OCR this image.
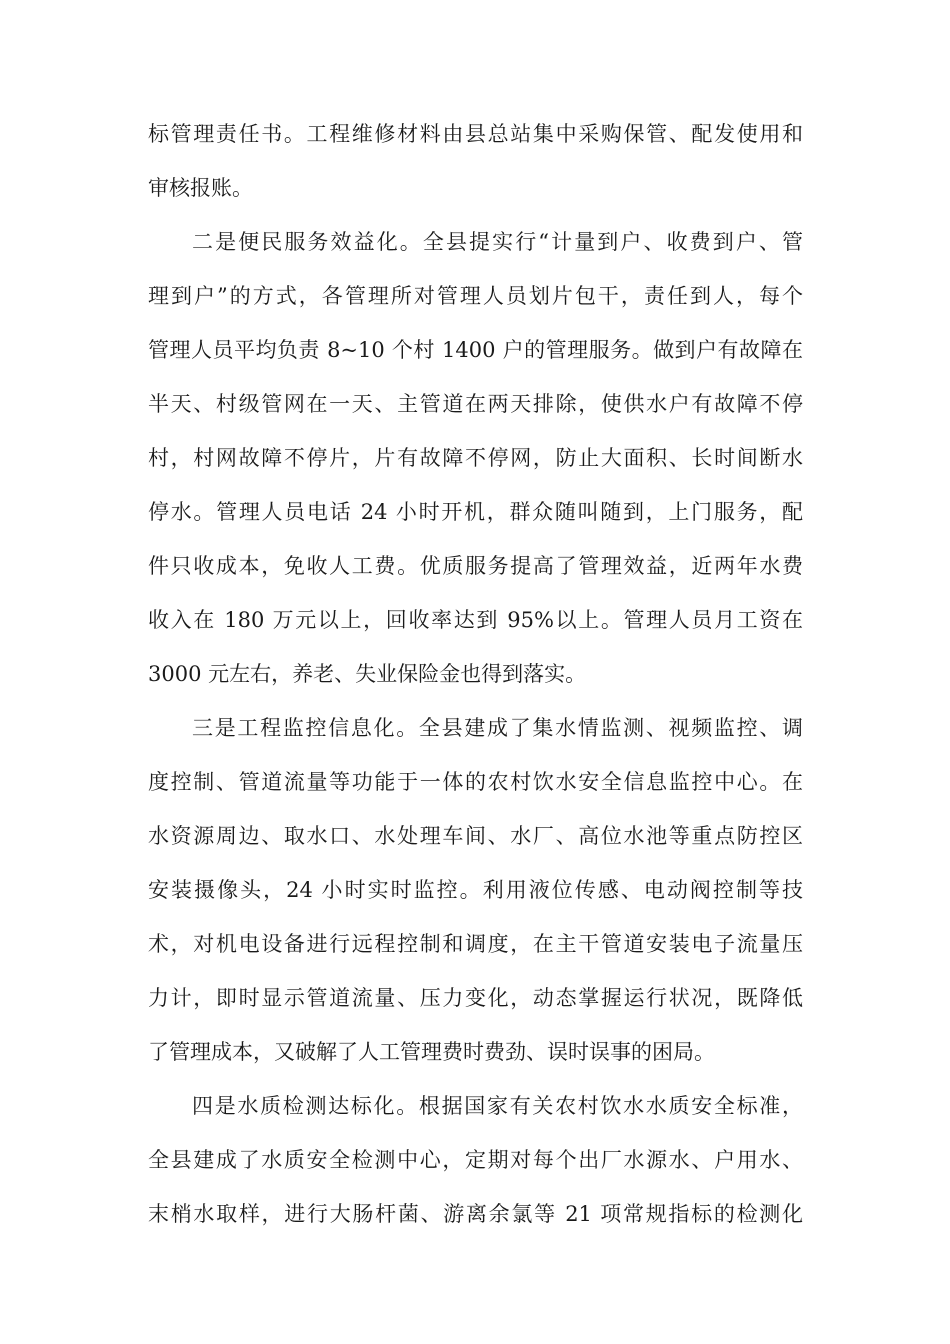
标管理责任书。工程维修材料由县总站集中采购保管、配发使用和
审核报账。
二是便民服务效益化。全县提实行“计量到户、收费到户、管
理到户”的方式，各管理所对管理人员划片包干，责任到人，每个
管理人员平均负责 8~10 个村 1400 户的管理服务。做到户有故障在
半天、村级管网在一天、主管道在两天排除，使供水户有故障不停
村，村网故障不停片，片有故障不停网，防止大面积、长时间断水
停水。管理人员电话 24 小时开机，群众随叫随到，上门服务，配
件只收成本，免收人工费。优质服务提高了管理效益，近两年水费
收入在 180 万元以上，回收率达到 95%以上。管理人员月工资在
3000 元左右，养老、失业保险金也得到落实。
三是工程监控信息化。全县建成了集水情监测、视频监控、调
度控制、管道流量等功能于一体的农村饮水安全信息监控中心。在
水资源周边、取水口、水处理车间、水厂、高位水池等重点防控区
安装摄像头，24 小时实时监控。利用液位传感、电动阀控制等技
术，对机电设备进行远程控制和调度，在主干管道安装电子流量压
力计，即时显示管道流量、压力变化，动态掌握运行状况，既降低
了管理成本，又破解了人工管理费时费劲、误时误事的困局。
四是水质检测达标化。根据国家有关农村饮水水质安全标准，
全县建成了水质安全检测中心，定期对每个出厂水源水、户用水、
末梢水取样，进行大肠杆菌、游离余氯等 21 项常规指标的检测化
